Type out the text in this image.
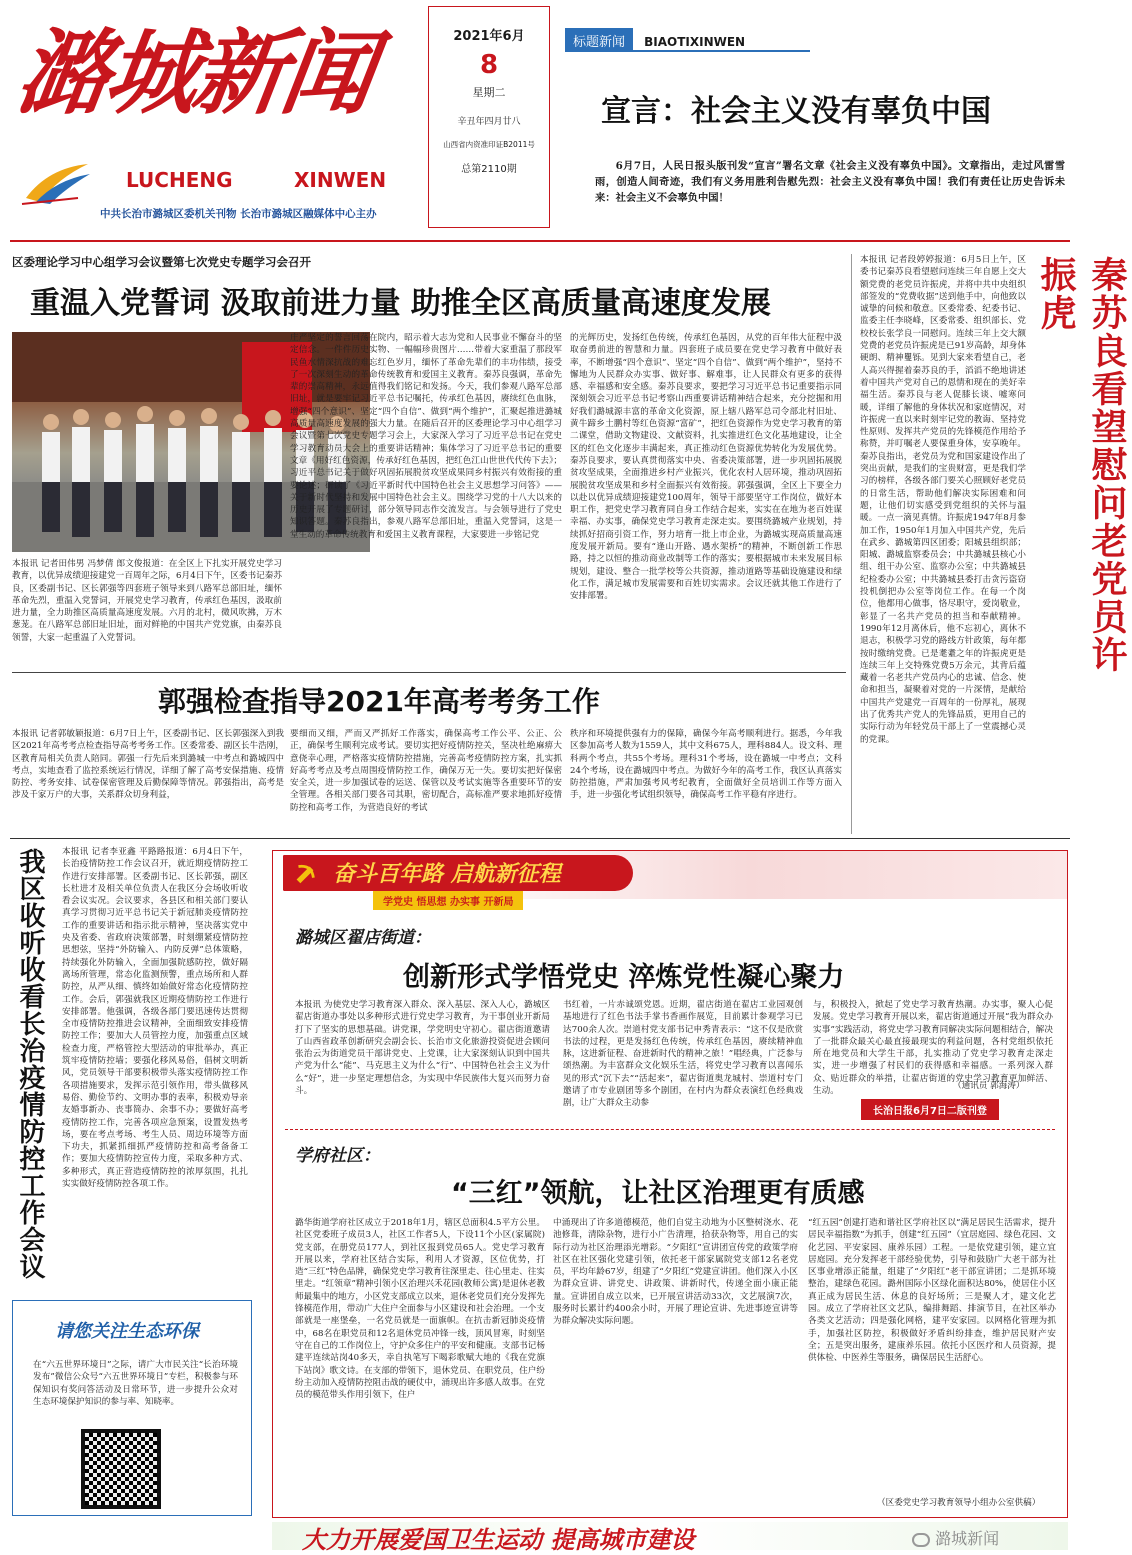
潞城新闻
LUCHENG	XINWEN
中共长治市潞城区委机关刊物 长治市潞城区融媒体中心主办
2021年6月
8
星期二
辛丑年四月廿八
山西省内资准印证B2011号
总第2110期
标题新闻 BIAOTIXINWEN
宣言：社会主义没有辜负中国
6月7日，人民日报头版刊发“宣言”署名文章《社会主义没有辜负中国》。文章指出，走过风雷雪雨，创造人间奇迹，我们有义务用胜利告慰先烈：社会主义没有辜负中国！我们有责任让历史告诉未来：社会主义不会辜负中国！
区委理论学习中心组学习会议暨第七次党史专题学习会召开
重温入党誓词 汲取前进力量 助推全区高质量高速度发展
本报讯 记者田伟男 冯梦倩 郎文俊报道：在全区上下扎实开展党史学习教育，以优异成绩迎接建党一百周年之际，6月4日下午，区委书记秦苏良，区委副书记、区长郭强等四套班子领导来到八路军总部旧址，缅怀革命先烈，重温入党誓词，开展党史学习教育，传承红色基因，汲取前进力量，全力助推区高质量高速度发展。六月的北村，微风吹拂，万木葱茏。在八路军总部旧址旧址，面对鲜艳的中国共产党党旗，由秦苏良领誓，大家一起重温了入党誓词。
庄严坚定的誓言回荡在院内，昭示着大志为党和人民事业不懈奋斗的坚定信念。一件件历史实物、一幅幅珍贵图片……带着大家重温了那段军民鱼水情深抗战的难忘红色岁月，缅怀了革命先辈们的丰功伟绩，接受了一次深刻生动的革命传统教育和爱国主义教育。秦苏良强调，革命先辈的崇高精神，永远值得我们铭记和发扬。今天，我们参观八路军总部旧址，就是要牢记习近平总书记嘱托，传承红色基因，赓续红色血脉，增强“四个意识”、坚定“四个自信”、做到“两个维护”，汇聚起推进潞城高质量高速度发展的强大力量。在随后召开的区委理论学习中心组学习会议暨第七次党史专题学习会上，大家深入学习了习近平总书记在党史学习教育动员大会上的重要讲话精神；集体学习了习近平总书记的重要文章《用好红色资源，传承好红色基因，把红色江山世世代代传下去》；习近平总书记关于做好巩固拓展脱贫攻坚成果同乡村振兴有效衔接的重要论述；研读了《习近平新时代中国特色社会主义思想学习问答》——关于新时代坚持和发展中国特色社会主义。围绕学习党的十八大以来的历史开展了专题研讨，部分领导同志作交流发言。与会领导进行了党史知识答题。秦苏良指出，参观八路军总部旧址，重温入党誓词，这是一堂生动的革命传统教育和爱国主义教育课程，大家要进一步铭记党
的光辉历史，发扬红色传统，传承红色基因，从党的百年伟大征程中汲取奋勇前进的智慧和力量。四套班子成员要在党史学习教育中做好表率，不断增强“四个意识”、坚定“四个自信”、做到“两个维护”，坚持不懈地为人民群众办实事、做好事、解难事，让人民群众有更多的获得感、幸福感和安全感。秦苏良要求，要把学习习近平总书记重要指示同深刻领会习近平总书记考察山西重要讲话精神结合起来，充分挖掘和用好我们潞城源丰富的革命文化资源，原上辖八路军总司令部北村旧址、黄牛蹄乡土鹏村等红色资源“富矿”，把红色资源作为党史学习教育的第二课堂，借助文物建设、文献资料，扎实推进红色文化基地建设，让全区的红色文化逐步丰满起来，真正推动红色资源优势转化为发展优势。秦苏良要求，要认真贯彻落实中央、省委决策部署，进一步巩固拓展脱贫攻坚成果，全面推进乡村产业振兴，优化农村人居环境，推动巩固拓展脱贫攻坚成果和乡村全面振兴有效衔接。郭强强调，全区上下要全力以赴以优异成绩迎接建党100周年，领导干部要坚守工作岗位，做好本职工作，把党史学习教育同自身工作结合起来，实实在在地为老百姓谋幸福、办实事，确保党史学习教育走深走实。要围绕潞城产业规划，持续抓好招商引资工作，努力培育一批上市企业，为潞城实现高质量高速度发展开新局。要有“逢山开路、遇水架桥”的精神，不断创新工作思路，持之以恒的推动商业改制等工作的落实；要根据城市未来发展目标规划，建设、整合一批学校等公共资源，推动道路等基础设施建设和绿化工作，满足城市发展需要和百姓切实需求。会议还就其他工作进行了安排部署。	秦苏良看望慰问老党员许振虎
本报讯 记者段婷婷报道：6月5日上午，区委书记秦苏良看望慰问连续三年自愿上交大额党费的老党员许振虎，并将中共中央组织部签发的“党费收据”送到他手中，向他致以诚挚的问候和敬意。区委常委、纪委书记、监委主任李晓峰，区委常委、组织部长、党校校长张学良一同慰问。连续三年上交大额党费的老党员许振虎是已91岁高龄，却身体硬朗、精神矍铄。见到大家来看望自己，老人高兴得握着秦苏良的手，滔滔不绝地讲述着中国共产党对自己的恩情和现在的美好幸福生活。秦苏良与老人促膝长谈、嘘寒问暖，详细了解他的身体状况和家庭情况，对许振虎一直以来时刻牢记党的教诲、坚持党性原则、发挥共产党员的先锋模范作用给予称赞，并叮嘱老人要保重身体，安享晚年。秦苏良指出，老党员为党和国家建设作出了突出贡献，是我们的宝贵财富，更是我们学习的榜样，各级各部门要关心照顾好老党员的日常生活，帮助他们解决实际困难和问题，让他们切实感受到党组织的关怀与温暖。一点一滴见真情。许振虎1947年8月参加工作，1950年1月加入中国共产党，先后在武乡、潞城第四区团委；阳城县组织部；阳城、潞城监察委员会；中共潞城县核心小组、组干办公室、监察办公室；中共潞城县纪检委办公室；中共潞城县委打击贪污盗窃投机倒把办公室等岗位工作。在每一个岗位，他都用心做事，恪尽职守，爱岗敬业，彰显了一名共产党员的担当和奉献精神。1990年12月离休后，他不忘初心，离休不退志，积极学习党的路线方针政策，每年都按时缴纳党费。已是耄耋之年的许振虎更是连续三年上交特殊党费5万余元，其背后蕴藏着一名老共产党员内心的忠诚、信念、使命和担当，凝聚着对党的一片深情，是献给中国共产党建党一百周年的一份厚礼，展现出了优秀共产党人的先锋品质，更用自己的实际行动为年轻党员干部上了一堂震撼心灵的党课。
郭强检查指导2021年高考考务工作
本报讯 记者郭敏颖报道：6月7日上午，区委副书记、区长郭强深入到我区2021年高考考点检查指导高考考务工作。区委常委、副区长牛浩刚，区教育局相关负责人陪同。郭强一行先后来到潞城一中考点和潞城四中考点，实地查看了监控系统运行情况，详细了解了高考安保措施、疫情防控、考务安排、试卷保密管理及后勤保障等情况。郭强指出，高考是涉及千家万户的大事，关系群众切身利益，
要细而又细，严而又严抓好工作落实，确保高考工作公平、公正、公正，确保考生顺利完成考试。要切实把好疫情防控关，坚决杜绝麻痹大意侥幸心理，严格落实疫情防控措施，完善高考疫情防控方案，扎实抓好高考考点及考点周围疫情防控工作，确保万无一失。要切实把好保密安全关，进一步加强试卷的运送、保管以及考试实施等各重要环节的安全管理。各相关部门要各司其职，密切配合，高标准严要求地抓好疫情防控和高考工作，为营造良好的考试
秩序和环境提供强有力的保障，确保今年高考顺利进行。据悉，今年我区参加高考人数为1559人，其中文科675人，理科884人。设文科、理科两个考点，共55个考场。理科31个考场，设在潞城一中考点；文科24个考场，设在潞城四中考点。为做好今年的高考工作，我区认真落实防控措施，严肃加强考风考纪教育，全面做好全员培训工作等方面入手，进一步强化考试组织领导，确保高考工作平稳有序进行。
我区收听收看长治疫情防控工作会议	本报讯 记者李亚鑫 平路路报道：6月4日下午，长治疫情防控工作会议召开，就近期疫情防控工作进行安排部署。区委副书记、区长郭强，副区长杜进才及相关单位负责人在我区分会场收听收看会议实况。会议要求，各县区和相关部门要认真学习贯彻习近平总书记关于新冠肺炎疫情防控工作的重要讲话和指示批示精神，坚决落实党中央及省委、省政府决策部署，时刻绷紧疫情防控思想弦，坚持“外防输入、内防反弹”总体策略，持续强化外防输入，全面加强院感防控，做好隔离场所管理，常态化监测预警，重点场所和人群防控，从严从细、慎终如始做好常态化疫情防控工作。会后，郭强就我区近期疫情防控工作进行安排部署。他强调，各级各部门要迅速传达贯彻全市疫情防控推进会议精神，全面细致安排疫情防控工作；要加大人员管控力度，加强重点区域检查力度，严格管控大型活动的审批举办，真正筑牢疫情防控墙；要强化移风易俗，倡树文明新风，党员领导干部要积极带头落实疫情防控工作各项措施要求，发挥示范引领作用，带头做移风易俗、勤俭节约、文明办事的表率，积极劝导亲友婚事新办、丧事简办、余事不办；要做好高考疫情防控工作，完善各项应急预案，设置发热考场，要在考点考场、考生人员、周边环境等方面下功夫，抓紧抓细抓严疫情防控和高考备备工作；要加大疫情防控宣传力度，采取多种方式、多种形式，真正营造疫情防控的浓厚氛围，扎扎实实做好疫情防控各项工作。
请您关注生态环保
在“六五世界环境日”之际，请广大市民关注“长治环境发布”微信公众号“六五世界环境日”专栏，积极参与环保知识有奖问答活动及日常环节，进一步提升公众对生态环境保护知识的参与率、知晓率。
奋斗百年路 启航新征程
学党史 悟思想 办实事 开新局
潞城区翟店街道：
创新形式学悟党史 淬炼党性凝心聚力
本报讯 为使党史学习教育深入群众、深入基层、深入人心，潞城区翟店街道办事处以多种形式进行党史学习教育，为干事创业开新局打下了坚实的思想基础。讲党课，学党明史守初心。翟店街道邀请了山西省政革创新研究会副会长、长治市文化旅游投资促进会顾问张治云为街道党员干部讲党史、上党课，让大家深刻认识到中国共产党为什么“能”、马克思主义为什么“行”、中国特色社会主义为什么“好”，进一步坚定理想信念，为实现中华民族伟大复兴而努力奋斗。
书红着，一片赤诚颂党恩。近期，翟店街道在翟店工业园观创基地进行了红色书法手掌书香画作展览，目前累计参观学习已达700余人次。崇道村党支部书记申秀青表示：“这不仅是欣赏书法的过程，更是发扬红色传统，传承红色基因，赓续精神血脉，这进新征程、奋进新时代的精神之旅！”唱经典，广泛参与颂热潮。为丰富群众文化娱乐生活，将党史学习教育以喜闻乐见的形式“沉下去”“活起来”，翟店街道奥龙城村、崇道村专门邀请了市专业剧团等多个剧团，在村内为群众表演红色经典戏剧，让广大群众主动参
与，积极投入，掀起了党史学习教育热潮。办实事，聚人心促发展。党史学习教育开展以来，翟店街道通过开展“我为群众办实事”实践活动，将党史学习教育同解决实际问题相结合，解决了一批群众最关心最直接最现实的利益问题，各村党组织依托所在地党员和大学生干部，扎实推动了党史学习教育走深走实，进一步增强了村民们的获得感和幸福感。一系列深入群众、贴近群众的举措，让翟店街道的党史学习教育更加鲜活、生动。
（通讯员 郭海涛）
长治日报6月7日二版刊登
学府社区：
“三红”领航，让社区治理更有质感
潞华街道学府社区成立于2018年1月，辖区总面积4.5平方公里。社区党委班子成员3人，社区工作者5人，下设11个小区(家属院)党支部，在册党员177人，到社区报到党员65人。党史学习教育开展以来，学府社区结合实际，利用人才资源，区位优势，打造“三红”特色品牌，确保党史学习教育往深里走、往心里走、往实里走。“红领章”精神引领小区治理兴禾花园(教师公寓)是退休老教师最集中的地方，小区党支部成立以来，退休老党员们充分发挥先锋模范作用，带动广大住户全面参与小区建设和社会治理。一个支部就是一座堡垒，一名党员就是一面旗帜。在抗击新冠肺炎疫情中，68名在职党员和12名退休党员冲锋一线，顶风冒寒，时刻坚守在自己的工作岗位上，守护众多住户的平安和健康。支部书记杨建平连续站岗40多天，幸自执笔写下喝彩歌赋大地的《我在党旗下站岗》歌文诗。在支部的带领下，退休党员、在职党员，住户纷纷主动加入疫情防控阻击战的硬仗中，涌现出许多感人故事。在党员的模范带头作用引领下，住户
中涌现出了许多道德模范，他们自觉主动地为小区整树浇水、花池修葺，清除杂物，进行小广告清理，拾获杂物等，用自己的实际行动为社区治理添光增彩。“夕阳红”宣讲团宣传党的政策学府社区在社区强化党建引领，依托老干部家属院党支部12名老党员，平均年龄67岁，组建了“夕阳红”党建宣讲团。他们深入小区为群众宣讲、讲党史、讲政策、讲新时代，传递全面小康正能量。宣讲团自成立以来，已开展宣讲活动33次，文艺展演7次，服务时长累计约400余小时，开展了理论宣讲、先进事迹宣讲等为群众解决实际问题。
“红五园”创建打造和谐社区学府社区以“满足居民生活需求，提升居民幸福指数”为抓手，创建“红五园”（宜居庭园、绿色花园、文化艺园、平安家园、康养乐园）工程。一是依党建引领，建立宜居庭园。充分发挥老干部经验优势，引导和鼓励广大老干部为社区事业增添正能量，组建了“夕阳红”老干部宣讲团；二是抓环境整治，建绿色花园。潞州国际小区绿化面积达80%，使居住小区真正成为居民生活、休息的良好场所；三是聚人才，建文化艺园。成立了学府社区文艺队，编排舞蹈、排演节目，在社区举办各类文艺活动；四是强化网格，建平安家园。以网格化管理为抓手，加强社区防控，积极做好矛盾纠纷排查，维护居民财产安全；五是突出服务，建康养乐园。依托小区医疗和人员资源，提供体检、中医养生等服务，确保居民生活舒心。
（区委党史学习教育领导小组办公室供稿）
大力开展爱国卫生运动 提高城市建设	潞城新闻
